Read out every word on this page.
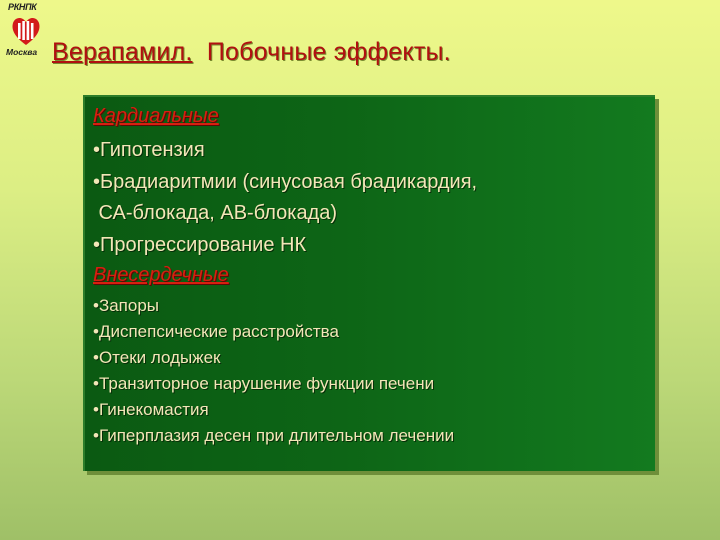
РКНПК
Москва Верапамил. Побочные эффекты.
Кардиальные
•Гипотензия
•Брадиаритмии (синусовая брадикардия,
СА-блокада, АВ-блокада)
•Прогрессирование НК
Внесердечные
•Запоры
•Диспепсические расстройства
•Отеки лодыжек
•Транзиторное нарушение функции печени
•Гинекомастия
•Гиперплазия десен при длительном лечении
